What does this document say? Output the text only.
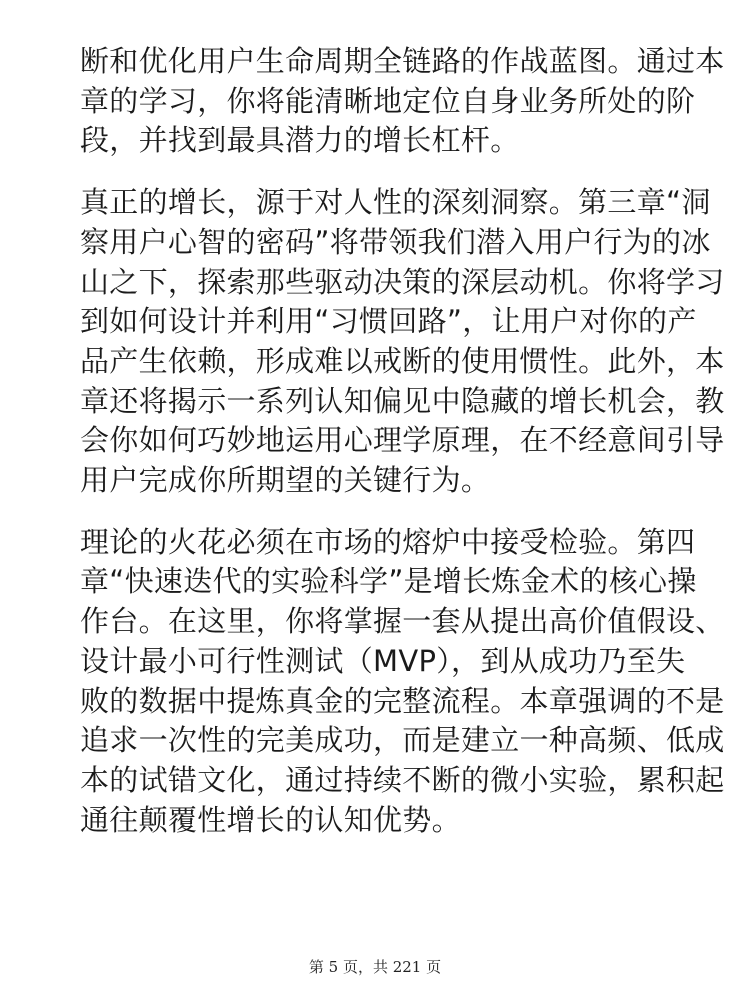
断和优化用户生命周期全链路的作战蓝图。通过本
章的学习，你将能清晰地定位自身业务所处的阶
段，并找到最具潜力的增长杠杆。

真正的增长，源于对人性的深刻洞察。第三章“洞
察用户心智的密码”将带领我们潜入用户行为的冰
山之下，探索那些驱动决策的深层动机。你将学习
到如何设计并利用“习惯回路”，让用户对你的产
品产生依赖，形成难以戒断的使用惯性。此外，本
章还将揭示一系列认知偏见中隐藏的增长机会，教
会你如何巧妙地运用心理学原理，在不经意间引导
用户完成你所期望的关键行为。

理论的火花必须在市场的熔炉中接受检验。第四
章“快速迭代的实验科学”是增长炼金术的核心操
作台。在这里，你将掌握一套从提出高价值假设、
设计最小可行性测试（MVP），到从成功乃至失
败的数据中提炼真金的完整流程。本章强调的不是
追求一次性的完美成功，而是建立一种高频、低成
本的试错文化，通过持续不断的微小实验，累积起
通往颠覆性增长的认知优势。

第 5 页，共 221 页
